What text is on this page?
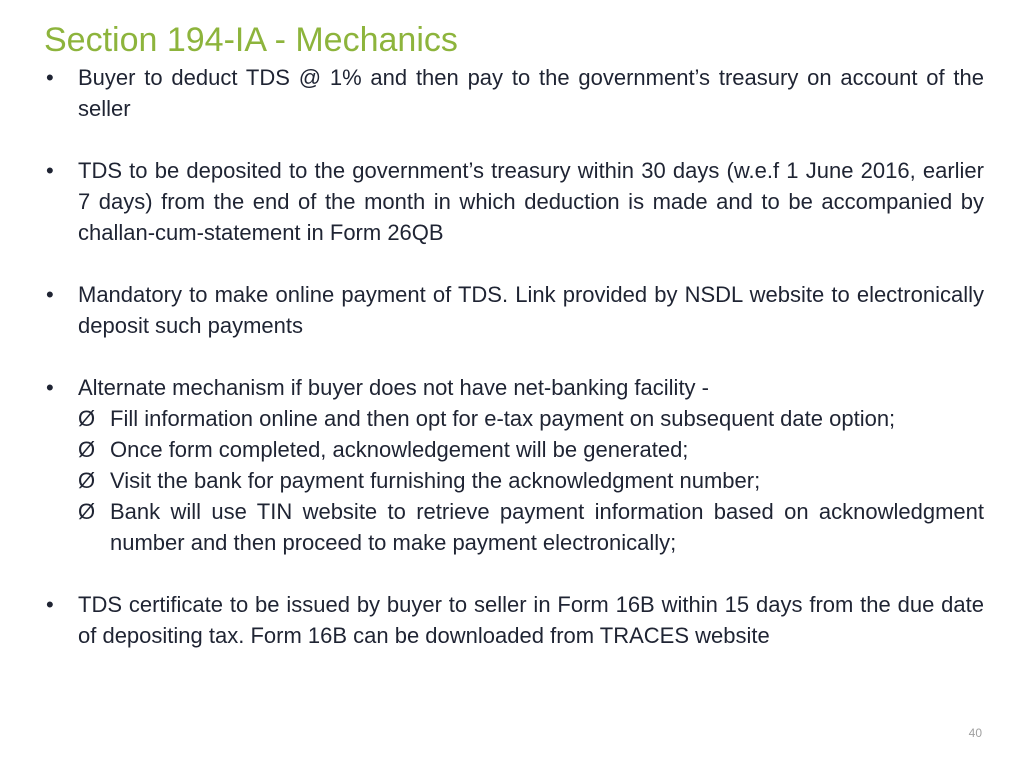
Section 194-IA - Mechanics
• Buyer to deduct TDS @ 1% and then pay to the government’s treasury on account of the seller
• TDS to be deposited to the government’s treasury within 30 days (w.e.f 1 June 2016, earlier 7 days) from the end of the month in which deduction is made and to be accompanied by challan-cum-statement in Form 26QB
• Mandatory to make online payment of TDS. Link provided by NSDL website to electronically deposit such payments
• Alternate mechanism if buyer does not have net-banking facility -
Ø Fill information online and then opt for e-tax payment on subsequent date option;
Ø Once form completed, acknowledgement will be generated;
Ø Visit the bank for payment furnishing the acknowledgment number;
Ø Bank will use TIN website to retrieve payment information based on acknowledgment number and then proceed to make payment electronically;
• TDS certificate to be issued by buyer to seller in Form 16B within 15 days from the due date of depositing tax. Form 16B can be downloaded from TRACES website
40
